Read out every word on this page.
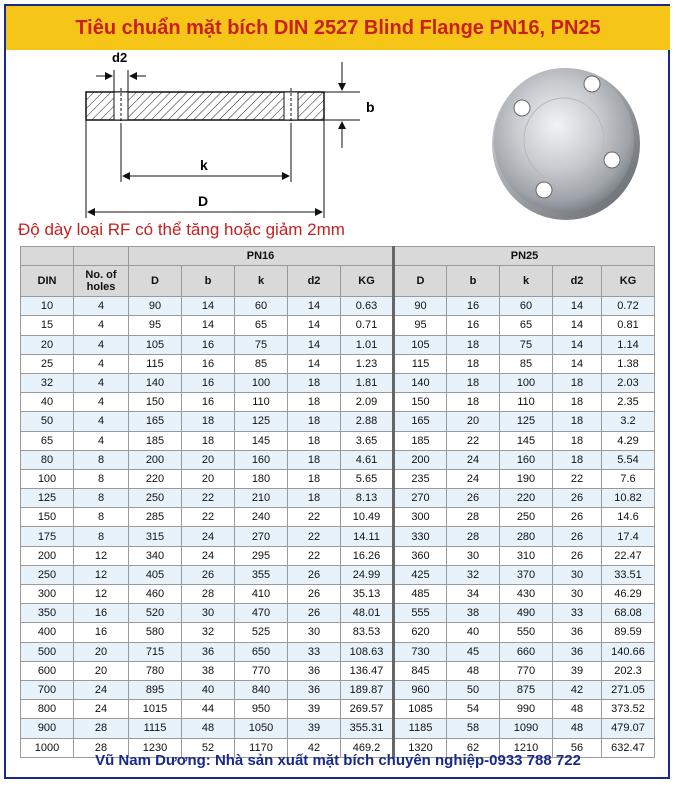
Tiêu chuẩn mặt bích DIN 2527 Blind Flange PN16, PN25
d2
b
k
D
Độ dày loại RF có thể tăng hoặc giảm 2mm
		PN16					PN25				
DIN	No. of holes	D	b	k	d2	KG	D	b	k	d2	KG
10	4	90	14	60	14	0.63	90	16	60	14	0.72
15	4	95	14	65	14	0.71	95	16	65	14	0.81
20	4	105	16	75	14	1.01	105	18	75	14	1.14
25	4	115	16	85	14	1.23	115	18	85	14	1.38
32	4	140	16	100	18	1.81	140	18	100	18	2.03
40	4	150	16	110	18	2.09	150	18	110	18	2.35
50	4	165	18	125	18	2.88	165	20	125	18	3.2
65	4	185	18	145	18	3.65	185	22	145	18	4.29
80	8	200	20	160	18	4.61	200	24	160	18	5.54
100	8	220	20	180	18	5.65	235	24	190	22	7.6
125	8	250	22	210	18	8.13	270	26	220	26	10.82
150	8	285	22	240	22	10.49	300	28	250	26	14.6
175	8	315	24	270	22	14.11	330	28	280	26	17.4
200	12	340	24	295	22	16.26	360	30	310	26	22.47
250	12	405	26	355	26	24.99	425	32	370	30	33.51
300	12	460	28	410	26	35.13	485	34	430	30	46.29
350	16	520	30	470	26	48.01	555	38	490	33	68.08
400	16	580	32	525	30	83.53	620	40	550	36	89.59
500	20	715	36	650	33	108.63	730	45	660	36	140.66
600	20	780	38	770	36	136.47	845	48	770	39	202.3
700	24	895	40	840	36	189.87	960	50	875	42	271.05
800	24	1015	44	950	39	269.57	1085	54	990	48	373.52
900	28	1115	48	1050	39	355.31	1185	58	1090	48	479.07
1000	28	1230	52	1170	42	469.2	1320	62	1210	56	632.47
Vũ Nam Dương: Nhà sản xuất mặt bích chuyên nghiệp-0933 788 722
